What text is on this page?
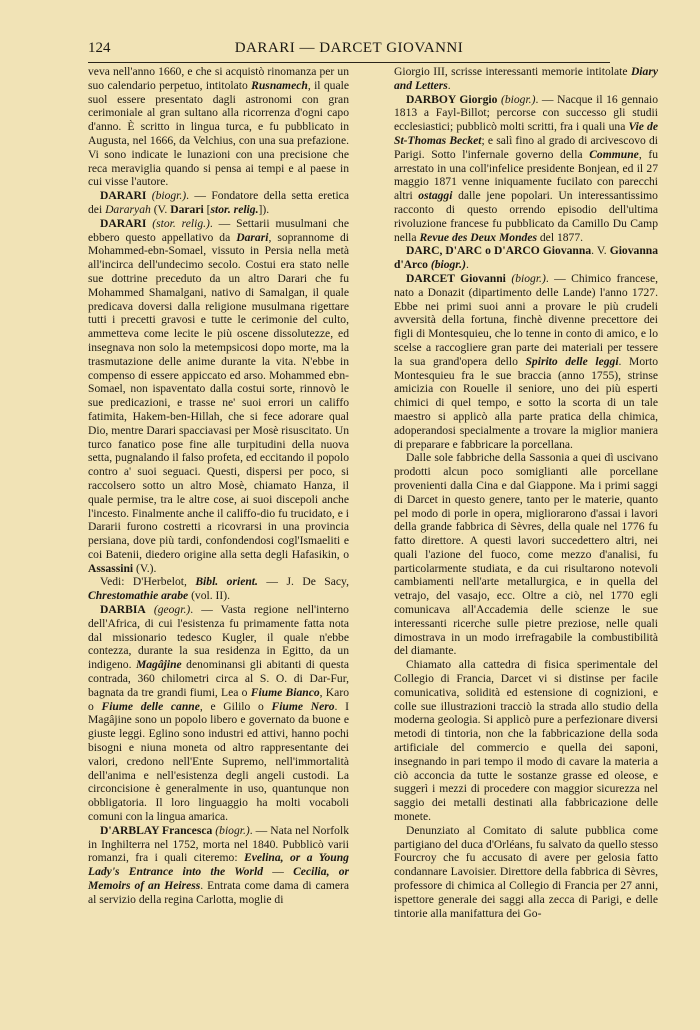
124	DARARI — DARCET GIOVANNI

veva nell'anno 1660, e che si acquistò rinomanza per un suo calendario perpetuo, intitolato Rusnamech, il quale suol essere presentato dagli astronomi con gran cerimoniale al gran sultano alla ricorrenza d'ogni capo d'anno. È scritto in lingua turca, e fu pubblicato in Augusta, nel 1666, da Velchius, con una sua prefazione. Vi sono indicate le lunazioni con una precisione che reca meraviglia quando si pensa ai tempi e al paese in cui visse l'autore.

DARARI (biogr.). — Fondatore della setta eretica dei Dararyah (V. Darari [stor. relig.]).

DARARI (stor. relig.). — Settarii musulmani che ebbero questo appellativo da Darari, soprannome di Mohammed-ebn-Somael, vissuto in Persia nella metà all'incirca dell'undecimo secolo. Costui era stato nelle sue dottrine preceduto da un altro Darari che fu Mohammed Shamalgani, nativo di Samalgan, il quale predicava doversi dalla religione musulmana rigettare tutti i precetti gravosi e tutte le cerimonie del culto, ammetteva come lecite le più oscene dissolutezze, ed insegnava non solo la metempsicosi dopo morte, ma la trasmutazione delle anime durante la vita. N'ebbe in compenso di essere appiccato ed arso. Mohammed ebn-Somael, non ispaventato dalla costui sorte, rinnovò le sue predicazioni, e trasse ne' suoi errori un califfo fatimita, Hakem-ben-Hillah, che si fece adorare qual Dio, mentre Darari spacciavasi per Mosè risuscitato. Un turco fanatico pose fine alle turpitudini della nuova setta, pugnalando il falso profeta, ed eccitando il popolo contro a' suoi seguaci. Questi, dispersi per poco, si raccolsero sotto un altro Mosè, chiamato Hanza, il quale permise, tra le altre cose, ai suoi discepoli anche l'incesto. Finalmente anche il califfo-dio fu trucidato, e i Dararii furono costretti a ricovrarsi in una provincia persiana, dove più tardi, confondendosi cogl'Ismaeliti e coi Batenii, diedero origine alla setta degli Hafasikin, o Assassini (V.).

Vedi: D'Herbelot, Bibl. orient. — J. De Sacy, Chrestomathie arabe (vol. II).

DARBIA (geogr.). — Vasta regione nell'interno dell'Africa, di cui l'esistenza fu primamente fatta nota dal missionario tedesco Kugler, il quale n'ebbe contezza, durante la sua residenza in Egitto, da un indigeno. Magâjine denominansi gli abitanti di questa contrada, 360 chilometri circa al S. O. di Dar-Fur, bagnata da tre grandi fiumi, Lea o Fiume Bianco, Karo o Fiume delle canne, e Gililo o Fiume Nero. I Magâjine sono un popolo libero e governato da buone e giuste leggi. Eglino sono industri ed attivi, hanno pochi bisogni e niuna moneta od altro rappresentante dei valori, credono nell'Ente Supremo, nell'immortalità dell'anima e nell'esistenza degli angeli custodi. La circoncisione è generalmente in uso, quantunque non obbligatoria. Il loro linguaggio ha molti vocaboli comuni con la lingua amarica.

D'ARBLAY Francesca (biogr.). — Nata nel Norfolk in Inghilterra nel 1752, morta nel 1840. Pubblicò varii romanzi, fra i quali citeremo: Evelina, or a Young Lady's Entrance into the World — Cecilia, or Memoirs of an Heiress. Entrata come dama di camera al servizio della regina Carlotta, moglie di

Giorgio III, scrisse interessanti memorie intitolate Diary and Letters.

DARBOY Giorgio (biogr.). — Nacque il 16 gennaio 1813 a Fayl-Billot; percorse con successo gli studii ecclesiastici; pubblicò molti scritti, fra i quali una Vie de St-Thomas Becket; e salì fino al grado di arcivescovo di Parigi. Sotto l'infernale governo della Commune, fu arrestato in una coll'infelice presidente Bonjean, ed il 27 maggio 1871 venne iniquamente fucilato con parecchi altri ostaggi dalle jene popolari. Un interessantissimo racconto di questo orrendo episodio dell'ultima rivoluzione francese fu pubblicato da Camillo Du Camp nella Revue des Deux Mondes del 1877.

DARC, D'ARC o D'ARCO Giovanna. V. Giovanna d'Arco (biogr.).

DARCET Giovanni (biogr.). — Chimico francese, nato a Donazit (dipartimento delle Lande) l'anno 1727. Ebbe nei primi suoi anni a provare le più crudeli avversità della fortuna, finchè divenne precettore dei figli di Montesquieu, che lo tenne in conto di amico, e lo scelse a raccogliere gran parte dei materiali per tessere la sua grand'opera dello Spirito delle leggi. Morto Montesquieu fra le sue braccia (anno 1755), strinse amicizia con Rouelle il seniore, uno dei più esperti chimici di quel tempo, e sotto la scorta di un tale maestro si applicò alla parte pratica della chimica, adoperandosi specialmente a trovare la miglior maniera di preparare e fabbricare la porcellana.

Dalle sole fabbriche della Sassonia a quei dì uscivano prodotti alcun poco somiglianti alle porcellane provenienti dalla Cina e dal Giappone. Ma i primi saggi di Darcet in questo genere, tanto per le materie, quanto pel modo di porle in opera, migliorarono d'assai i lavori della grande fabbrica di Sèvres, della quale nel 1776 fu fatto direttore. A questi lavori succedettero altri, nei quali l'azione del fuoco, come mezzo d'analisi, fu particolarmente studiata, e da cui risultarono notevoli cambiamenti nell'arte metallurgica, e in quella del vetrajo, del vasajo, ecc. Oltre a ciò, nel 1770 egli comunicava all'Accademia delle scienze le sue interessanti ricerche sulle pietre preziose, nelle quali dimostrava in un modo irrefragabile la combustibilità del diamante.

Chiamato alla cattedra di fisica sperimentale del Collegio di Francia, Darcet vi si distinse per facile comunicativa, solidità ed estensione di cognizioni, e colle sue illustrazioni tracciò la strada allo studio della moderna geologia. Si applicò pure a perfezionare diversi metodi di tintoria, non che la fabbricazione della soda artificiale del commercio e quella dei saponi, insegnando in pari tempo il modo di cavare la materia a ciò acconcia da tutte le sostanze grasse ed oleose, e suggerì i mezzi di procedere con maggior sicurezza nel saggio dei metalli destinati alla fabbricazione delle monete.

Denunziato al Comitato di salute pubblica come partigiano del duca d'Orléans, fu salvato da quello stesso Fourcroy che fu accusato di avere per gelosia fatto condannare Lavoisier. Direttore della fabbrica di Sèvres, professore di chimica al Collegio di Francia per 27 anni, ispettore generale dei saggi alla zecca di Parigi, e delle tintorie alla manifattura dei Go-
